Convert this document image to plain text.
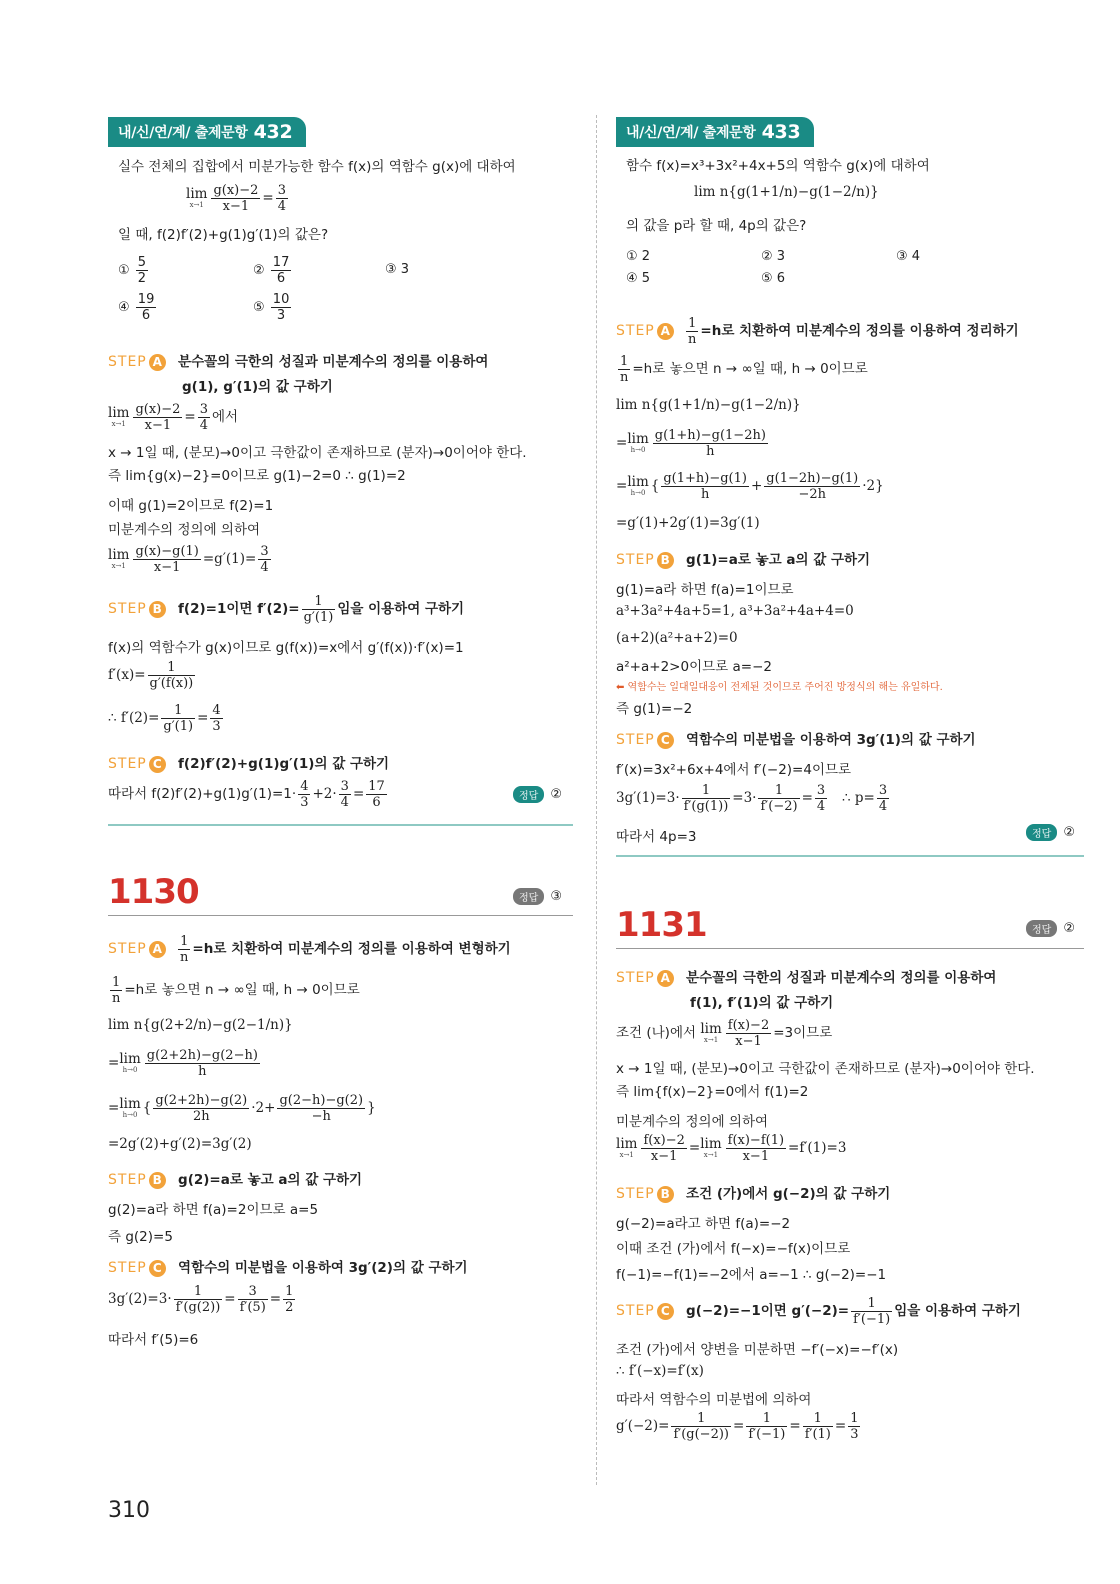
내/신/연/계/ 출제문항 432
실수 전체의 집합에서 미분가능한 함수 f(x)의 역함수 g(x)에 대하여
lim
$x\to 1 \frac{g(x)-2}{x-1} = \frac{3}{4}$
일 때, f(2)f′(2)+g(1)g′(1)의 값은?
① $\frac{5}{2}$	② $\frac{17}{6}$	③ 3
④ $\frac{19}{6}$	⑤ $\frac{10}{3}$
STEP A 분수꼴의 극한의 성질과 미분계수의 정의를 이용하여
g(1), g′(1)의 값 구하기
lim
$x\to 1 \frac{g(x)-2}{x-1} = \frac{3}{4}$ 에서
x → 1일 때, (분모)→0이고 극한값이 존재하므로 (분자)→0이어야 한다.
즉 lim{g(x)−2}=0이므로 g(1)−2=0 ∴ g(1)=2
이때 g(1)=2이므로 f(2)=1
미분계수의 정의에 의하여
lim
$x\to 1 \frac{g(x)-g(1)}{x-1} =g'(1)= \frac{3}{4}$
STEP B f(2)=1이면 $f'(2)= \frac{1}{g'(1)}$ 임을 이용하여 구하기
f(x)의 역함수가 g(x)이므로 g(f(x))=x에서 g′(f(x))·f′(x)=1
$f'(x)= \frac{1}{g'(f(x))}$
∴ $f'(2)= \frac{1}{g'(1)} = \frac{4}{3}$
STEP C f(2)f′(2)+g(1)g′(1)의 값 구하기
따라서 $f(2)f'(2)+g(1)g'(1)=1\cdot \frac{4}{3} +2\cdot \frac{3}{4} = \frac{17}{6}$	정답 ②
1130	정답 ③
STEP A $\frac{1}{n} =h$로 치환하여 미분계수의 정의를 이용하여 변형하기
$\frac{1}{n} =h$로 놓으면 n → ∞일 때, h → 0이므로
lim n{g(2+2/n)−g(2−1/n)}
= lim
$h\to 0 \frac{g(2+2h)-g(2-h)}{h}$
= lim
h→0 { $\frac{g(2+2h)-g(2)}{2h} \cdot 2+ \frac{g(2-h)-g(2)}{-h}$ }
=2g′(2)+g′(2)=3g′(2)
STEP B g(2)=a로 놓고 a의 값 구하기
g(2)=a라 하면 f(a)=2이므로 a=5
즉 g(2)=5
STEP C 역함수의 미분법을 이용하여 3g′(2)의 값 구하기
$3g'(2)=3\cdot \frac{1}{f'(g(2))} = \frac{3}{f'(5)} = \frac{1}{2}$
따라서 f′(5)=6
내/신/연/계/ 출제문항 433
함수 f(x)=x³+3x²+4x+5의 역함수 g(x)에 대하여
lim n{g(1+1/n)−g(1−2/n)}
의 값을 p라 할 때, 4p의 값은?
① 2	② 3	③ 4
④ 5	⑤ 6
STEP A $\frac{1}{n} =h$로 치환하여 미분계수의 정의를 이용하여 정리하기
$\frac{1}{n} =h$로 놓으면 n → ∞일 때, h → 0이므로
lim n{g(1+1/n)−g(1−2/n)}
= lim
$h\to 0 \frac{g(1+h)-g(1-2h)}{h}$
= lim
h→0 { $\frac{g(1+h)-g(1)}{h} + \frac{g(1-2h)-g(1)}{-2h} \cdot 2$}
=g′(1)+2g′(1)=3g′(1)
STEP B g(1)=a로 놓고 a의 값 구하기
g(1)=a라 하면 f(a)=1이므로
a³+3a²+4a+5=1, a³+3a²+4a+4=0
(a+2)(a²+a+2)=0
a²+a+2>0이므로 a=−2
⬅ 역함수는 일대일대응이 전제된 것이므로 주어진 방정식의 해는 유일하다.
즉 g(1)=−2
STEP C 역함수의 미분법을 이용하여 3g′(1)의 값 구하기
f′(x)=3x²+6x+4에서 f′(−2)=4이므로
$3g'(1)=3\cdot \frac{1}{f'(g(1))} =3\cdot \frac{1}{f'(-2)} = \frac{3}{4}$ ∴ $p= \frac{3}{4}$
따라서 4p=3	정답 ②
1131	정답 ②
STEP A 분수꼴의 극한의 성질과 미분계수의 정의를 이용하여
f(1), f′(1)의 값 구하기
조건 (나)에서 lim
$x\to 1 \frac{f(x)-2}{x-1} =3$이므로
x → 1일 때, (분모)→0이고 극한값이 존재하므로 (분자)→0이어야 한다.
즉 lim{f(x)−2}=0에서 f(1)=2
미분계수의 정의에 의하여
lim
$x\to 1 \frac{f(x)-2}{x-1} = \lim$
$x\to 1 \frac{f(x)-f(1)}{x-1} =f'(1)=3$
STEP B 조건 (가)에서 g(−2)의 값 구하기
g(−2)=a라고 하면 f(a)=−2
이때 조건 (가)에서 f(−x)=−f(x)이므로
f(−1)=−f(1)=−2에서 a=−1 ∴ g(−2)=−1
STEP C g(−2)=−1이면 $g'(-2)= \frac{1}{f'(-1)}$ 임을 이용하여 구하기
조건 (가)에서 양변을 미분하면 −f′(−x)=−f′(x)
∴ f′(−x)=f′(x)
따라서 역함수의 미분법에 의하여
$g'(-2)= \frac{1}{f'(g(-2))} = \frac{1}{f'(-1)} = \frac{1}{f'(1)} = \frac{1}{3}$
310
